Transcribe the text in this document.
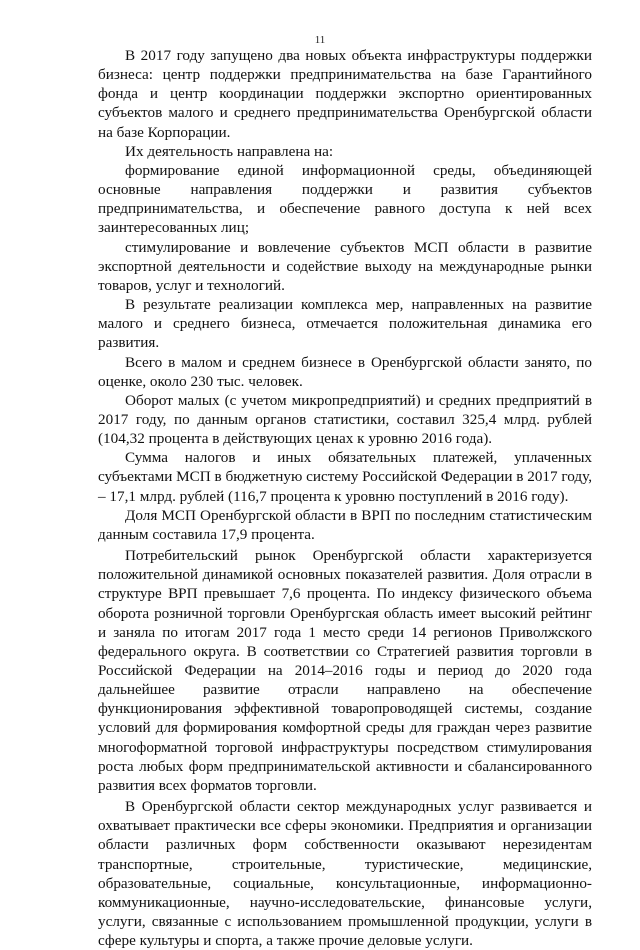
11

В 2017 году запущено два новых объекта инфраструктуры поддержки бизнеса: центр поддержки предпринимательства на базе Гарантийного фонда и центр координации поддержки экспортно ориентированных субъектов малого и среднего предпринимательства Оренбургской области на базе Корпорации.

Их деятельность направлена на:

формирование единой информационной среды, объединяющей основные направления поддержки и развития субъектов предпринимательства, и обеспечение равного доступа к ней всех заинтересованных лиц;

стимулирование и вовлечение субъектов МСП области в развитие экспортной деятельности и содействие выходу на международные рынки товаров, услуг и технологий.

В результате реализации комплекса мер, направленных на развитие малого и среднего бизнеса, отмечается положительная динамика его развития.

Всего в малом и среднем бизнесе в Оренбургской области занято, по оценке, около 230 тыс. человек.

Оборот малых (с учетом микропредприятий) и средних предприятий в 2017 году, по данным органов статистики, составил 325,4 млрд. рублей (104,32 процента в действующих ценах к уровню 2016 года).

Сумма налогов и иных обязательных платежей, уплаченных субъектами МСП в бюджетную систему Российской Федерации в 2017 году, – 17,1 млрд. рублей (116,7 процента к уровню поступлений в 2016 году).

Доля МСП Оренбургской области в ВРП по последним статистическим данным составила 17,9 процента.

Потребительский рынок Оренбургской области характеризуется положительной динамикой основных показателей развития. Доля отрасли в структуре ВРП превышает 7,6 процента. По индексу физического объема оборота розничной торговли Оренбургская область имеет высокий рейтинг и заняла по итогам 2017 года 1 место среди 14 регионов Приволжского федерального округа. В соответствии со Стратегией развития торговли в Российской Федерации на 2014–2016 годы и период до 2020 года дальнейшее развитие отрасли направлено на обеспечение функционирования эффективной товаропроводящей системы, создание условий для формирования комфортной среды для граждан через развитие многоформатной торговой инфраструктуры посредством стимулирования роста любых форм предпринимательской активности и сбалансированного развития всех форматов торговли.

В Оренбургской области сектор международных услуг развивается и охватывает практически все сферы экономики. Предприятия и организации области различных форм собственности оказывают нерезидентам транспортные, строительные, туристические, медицинские, образовательные, социальные, консультационные, информационно-коммуникационные, научно-исследовательские, финансовые услуги, услуги, связанные с использованием промышленной продукции, услуги в сфере культуры и спорта, а также прочие деловые услуги.
